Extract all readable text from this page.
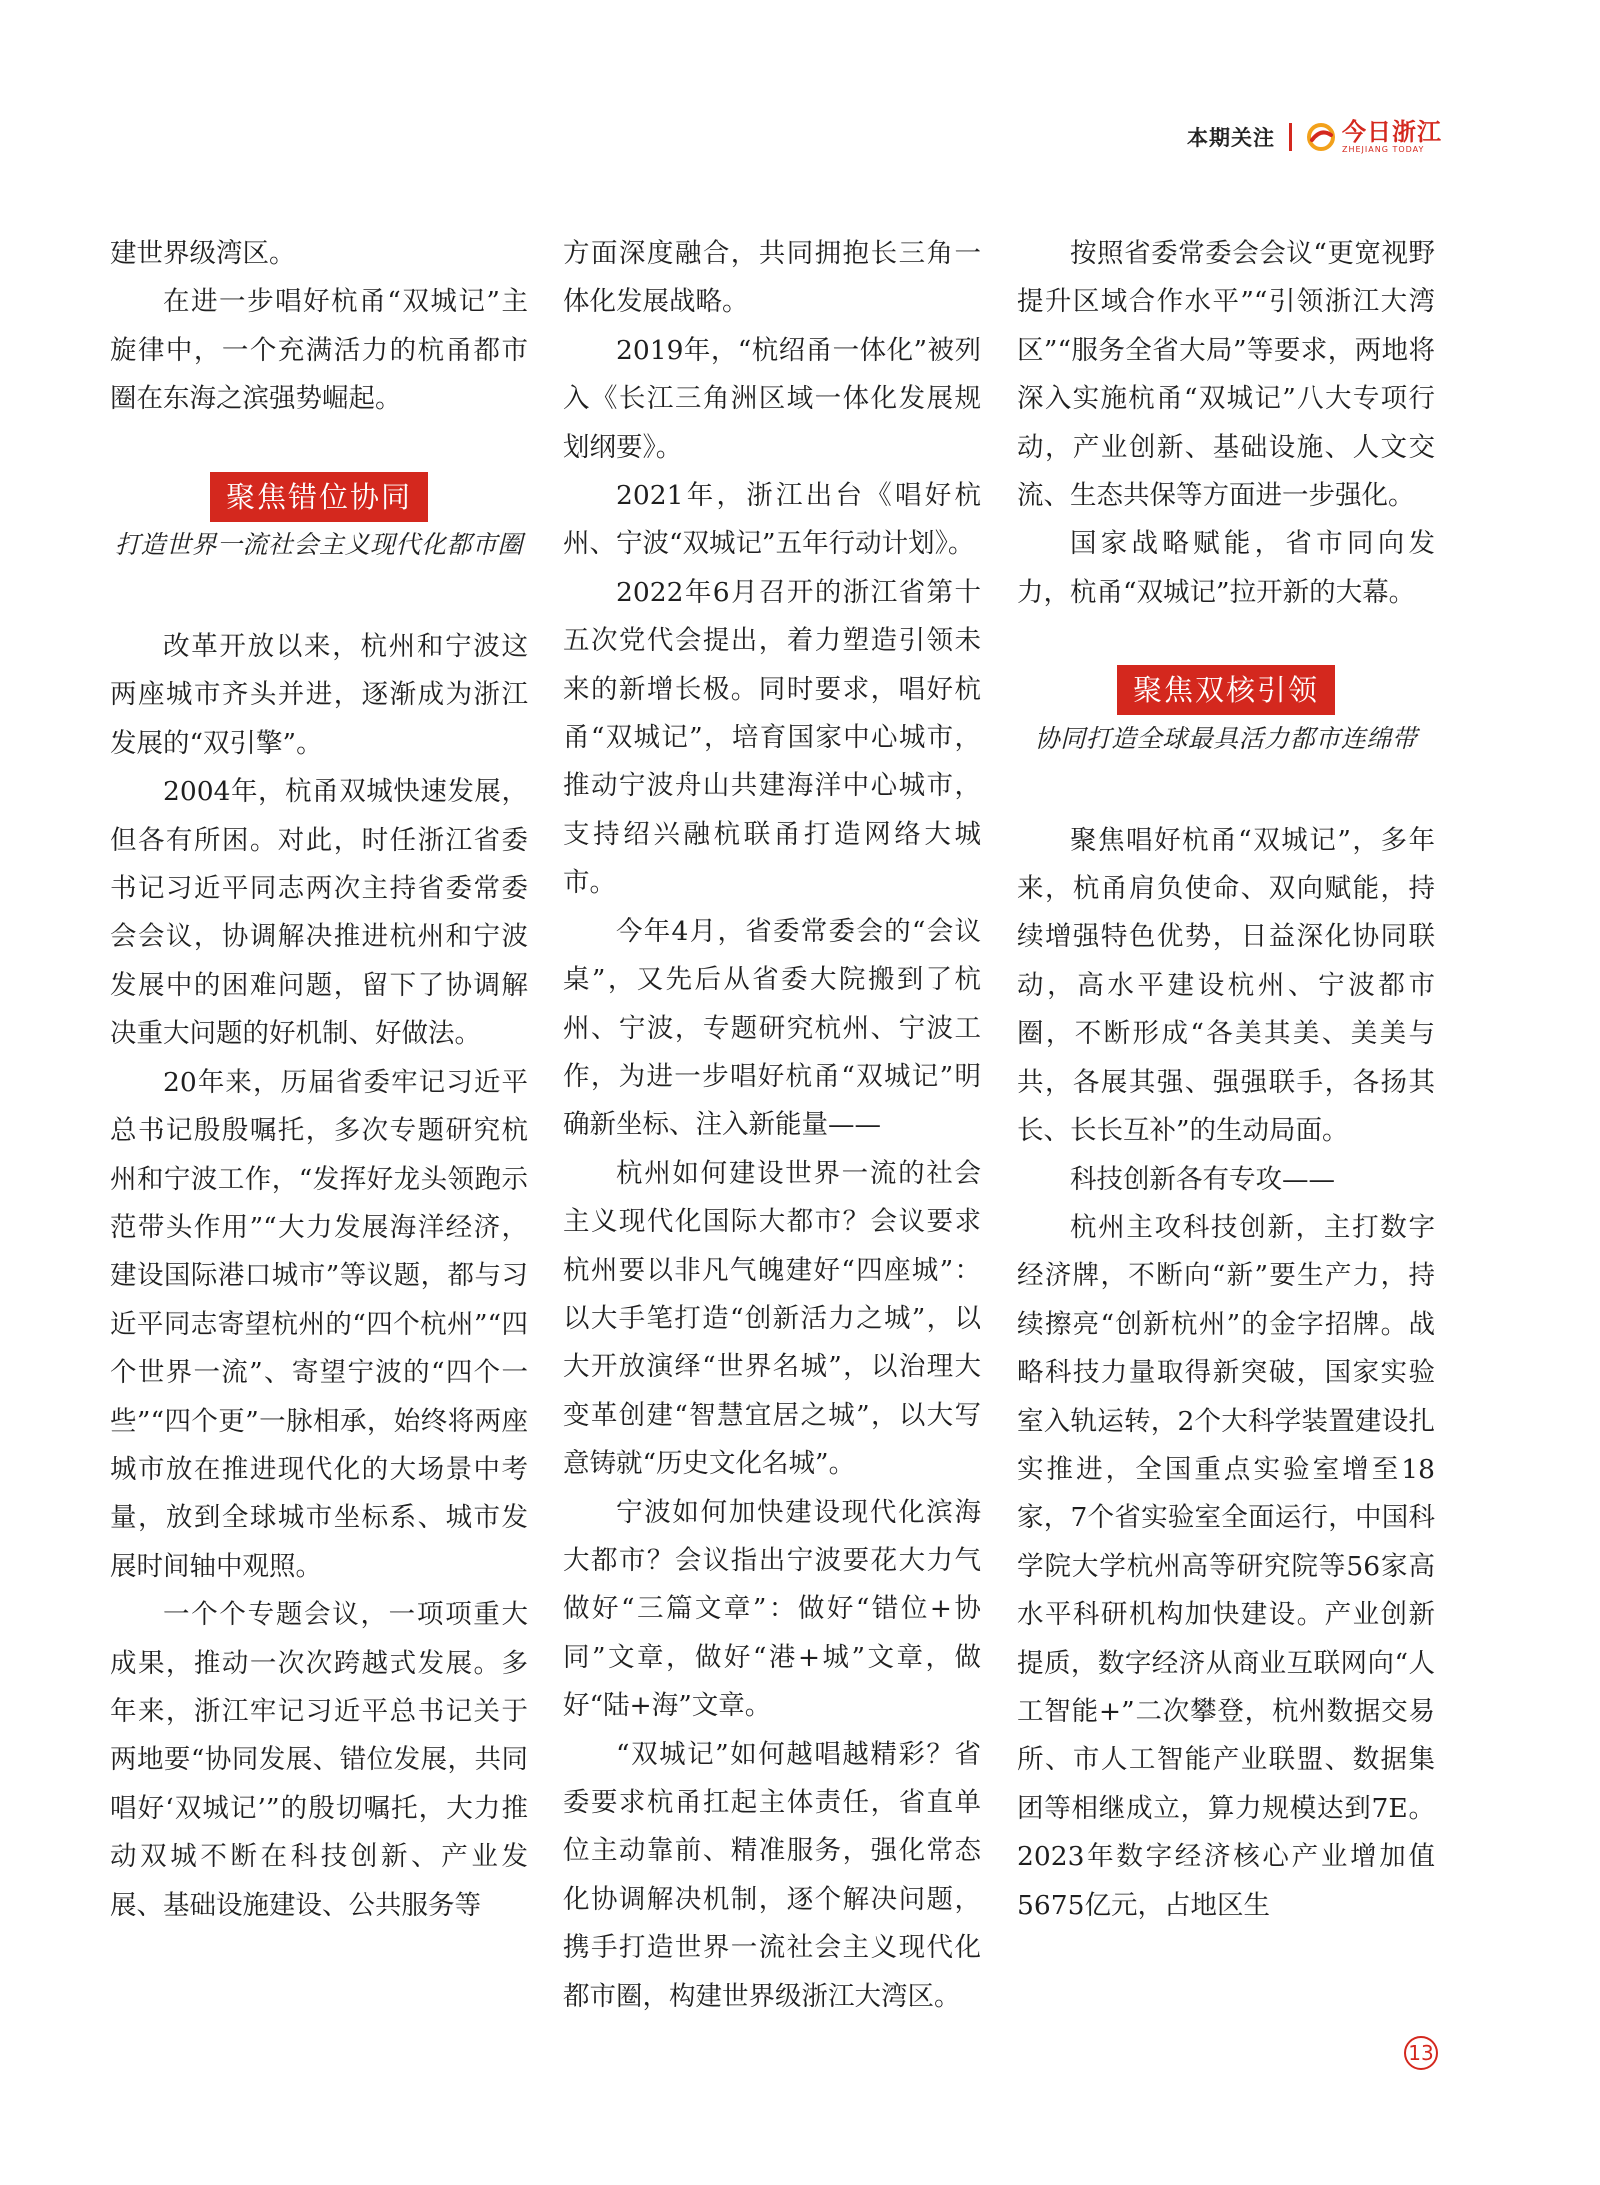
本期关注	今日浙江
ZHEJIANG TODAY

建世界级湾区。

在进一步唱好杭甬“双城记”主旋律中，一个充满活力的杭甬都市圈在东海之滨强势崛起。

聚焦错位协同
打造世界一流社会主义现代化都市圈

改革开放以来，杭州和宁波这两座城市齐头并进，逐渐成为浙江发展的“双引擎”。

2004年，杭甬双城快速发展，但各有所困。对此，时任浙江省委书记习近平同志两次主持省委常委会会议，协调解决推进杭州和宁波发展中的困难问题，留下了协调解决重大问题的好机制、好做法。

20年来，历届省委牢记习近平总书记殷殷嘱托，多次专题研究杭州和宁波工作，“发挥好龙头领跑示范带头作用”“大力发展海洋经济，建设国际港口城市”等议题，都与习近平同志寄望杭州的“四个杭州”“四个世界一流”、寄望宁波的“四个一些”“四个更”一脉相承，始终将两座城市放在推进现代化的大场景中考量，放到全球城市坐标系、城市发展时间轴中观照。

一个个专题会议，一项项重大成果，推动一次次跨越式发展。多年来，浙江牢记习近平总书记关于两地要“协同发展、错位发展，共同唱好‘双城记’”的殷切嘱托，大力推动双城不断在科技创新、产业发展、基础设施建设、公共服务等

方面深度融合，共同拥抱长三角一体化发展战略。

2019年，“杭绍甬一体化”被列入《长江三角洲区域一体化发展规划纲要》。

2021年，浙江出台《唱好杭州、宁波“双城记”五年行动计划》。

2022年6月召开的浙江省第十五次党代会提出，着力塑造引领未来的新增长极。同时要求，唱好杭甬“双城记”，培育国家中心城市，推动宁波舟山共建海洋中心城市，支持绍兴融杭联甬打造网络大城市。

今年4月，省委常委会的“会议桌”，又先后从省委大院搬到了杭州、宁波，专题研究杭州、宁波工作，为进一步唱好杭甬“双城记”明确新坐标、注入新能量——

杭州如何建设世界一流的社会主义现代化国际大都市？会议要求杭州要以非凡气魄建好“四座城”：以大手笔打造“创新活力之城”，以大开放演绎“世界名城”，以治理大变革创建“智慧宜居之城”，以大写意铸就“历史文化名城”。

宁波如何加快建设现代化滨海大都市？会议指出宁波要花大力气做好“三篇文章”：做好“错位+协同”文章，做好“港+城”文章，做好“陆+海”文章。

“双城记”如何越唱越精彩？省委要求杭甬扛起主体责任，省直单位主动靠前、精准服务，强化常态化协调解决机制，逐个解决问题，携手打造世界一流社会主义现代化都市圈，构建世界级浙江大湾区。

按照省委常委会会议“更宽视野提升区域合作水平”“引领浙江大湾区”“服务全省大局”等要求，两地将深入实施杭甬“双城记”八大专项行动，产业创新、基础设施、人文交流、生态共保等方面进一步强化。

国家战略赋能，省市同向发力，杭甬“双城记”拉开新的大幕。

聚焦双核引领
协同打造全球最具活力都市连绵带

聚焦唱好杭甬“双城记”，多年来，杭甬肩负使命、双向赋能，持续增强特色优势，日益深化协同联动，高水平建设杭州、宁波都市圈，不断形成“各美其美、美美与共，各展其强、强强联手，各扬其长、长长互补”的生动局面。

科技创新各有专攻——

杭州主攻科技创新，主打数字经济牌，不断向“新”要生产力，持续擦亮“创新杭州”的金字招牌。战略科技力量取得新突破，国家实验室入轨运转，2个大科学装置建设扎实推进，全国重点实验室增至18家，7个省实验室全面运行，中国科学院大学杭州高等研究院等56家高水平科研机构加快建设。产业创新提质，数字经济从商业互联网向“人工智能+”二次攀登，杭州数据交易所、市人工智能产业联盟、数据集团等相继成立，算力规模达到7E。2023年数字经济核心产业增加值5675亿元，占地区生

13
